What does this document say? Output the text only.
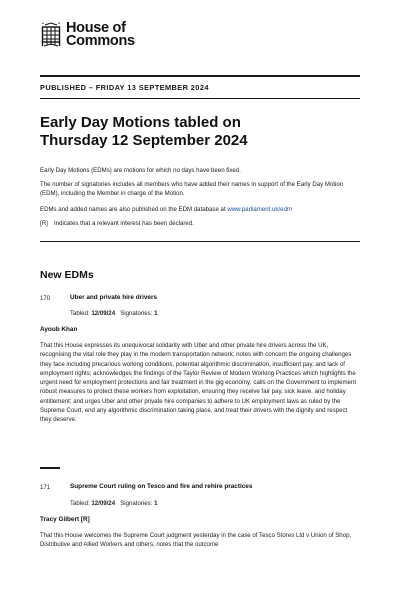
House of
Commons
PUBLISHED – FRIDAY 13 SEPTEMBER 2024
Early Day Motions tabled on
Thursday 12 September 2024
Early Day Motions (EDMs) are motions for which no days have been fixed.
The number of signatories includes all members who have added their names in support of the Early Day Motion (EDM), including the Member in charge of the Motion.
EDMs and added names are also published on the EDM database at www.parliament.uk/edm
[R] Indicates that a relevant interest has been declared.
New EDMs
170	Uber and private hire drivers
Tabled: 12/09/24 Signatories: 1
Ayoub Khan
That this House expresses its unequivocal solidarity with Uber and other private hire drivers across the UK, recognising the vital role they play in the modern transportation network; notes with concern the ongoing challenges they face including precarious working conditions, potential algorithmic discrimination, insufficient pay, and lack of employment rights; acknowledges the findings of the Taylor Review of Modern Working Practices which highlights the urgent need for employment protections and fair treatment in the gig economy; calls on the Government to implement robust measures to protect these workers from exploitation, ensuring they receive fair pay, sick leave, and holiday entitlement; and urges Uber and other private hire companies to adhere to UK employment laws as ruled by the Supreme Court, end any algorithmic discrimination taking place, and treat their drivers with the dignity and respect they deserve.
171	Supreme Court ruling on Tesco and fire and rehire practices
Tabled: 12/09/24 Signatories: 1
Tracy Gilbert [R]
That this House welcomes the Supreme Court judgment yesterday in the case of Tesco Stores Ltd v Union of Shop, Distributive and Allied Workers and others; notes that the outcome
